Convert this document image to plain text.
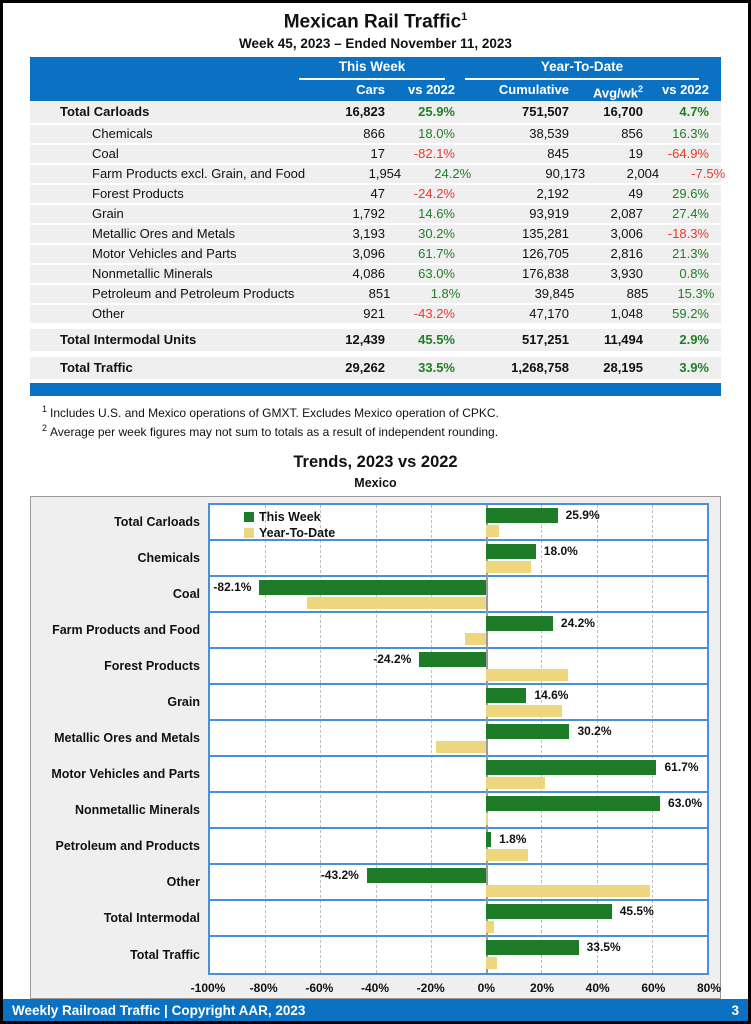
Mexican Rail Traffic$^1$
Week 45, 2023 – Ended November 11, 2023
This Week	Year-To-Date
Cars	vs 2022	Cumulative	Avg/$wk^2$	vs 2022
Total Carloads	16,823	25.9%	751,507	16,700	4.7%
Chemicals	866	18.0%	38,539	856	16.3%
Coal	17	-82.1%	845	19	-64.9%
Farm Products excl. Grain, and Food	1,954	24.2%	90,173	2,004	-7.5%
Forest Products	47	-24.2%	2,192	49	29.6%
Grain	1,792	14.6%	93,919	2,087	27.4%
Metallic Ores and Metals	3,193	30.2%	135,281	3,006	-18.3%
Motor Vehicles and Parts	3,096	61.7%	126,705	2,816	21.3%
Nonmetallic Minerals	4,086	63.0%	176,838	3,930	0.8%
Petroleum and Petroleum Products	851	1.8%	39,845	885	15.3%
Other	921	-43.2%	47,170	1,048	59.2%
Total Intermodal Units	12,439	45.5%	517,251	11,494	2.9%
Total Traffic	29,262	33.5%	1,268,758	28,195	3.9%
$^1$ Includes U.S. and Mexico operations of GMXT. Excludes Mexico operation of CPKC.
$^2$ Average per week figures may not sum to totals as a result of independent rounding.
Trends, 2023 vs 2022
Mexico
This Week
Year-To-Date
Total Carloads	25.9%
Chemicals	18.0%
Coal -82.1%
Farm Products and Food	24.2%
Forest Products	-24.2%
Grain	14.6%
Metallic Ores and Metals	30.2%
Motor Vehicles and Parts	61.7%
Nonmetallic Minerals	63.0%
Petroleum and Products	1.8%
Other	-43.2%
Total Intermodal	45.5%
Total Traffic
33.5%
-100% -80% -60% -40% -20%	0%	20%	40%	60%	80%
Weekly Railroad Traffic | Copyright AAR, 2023	3
